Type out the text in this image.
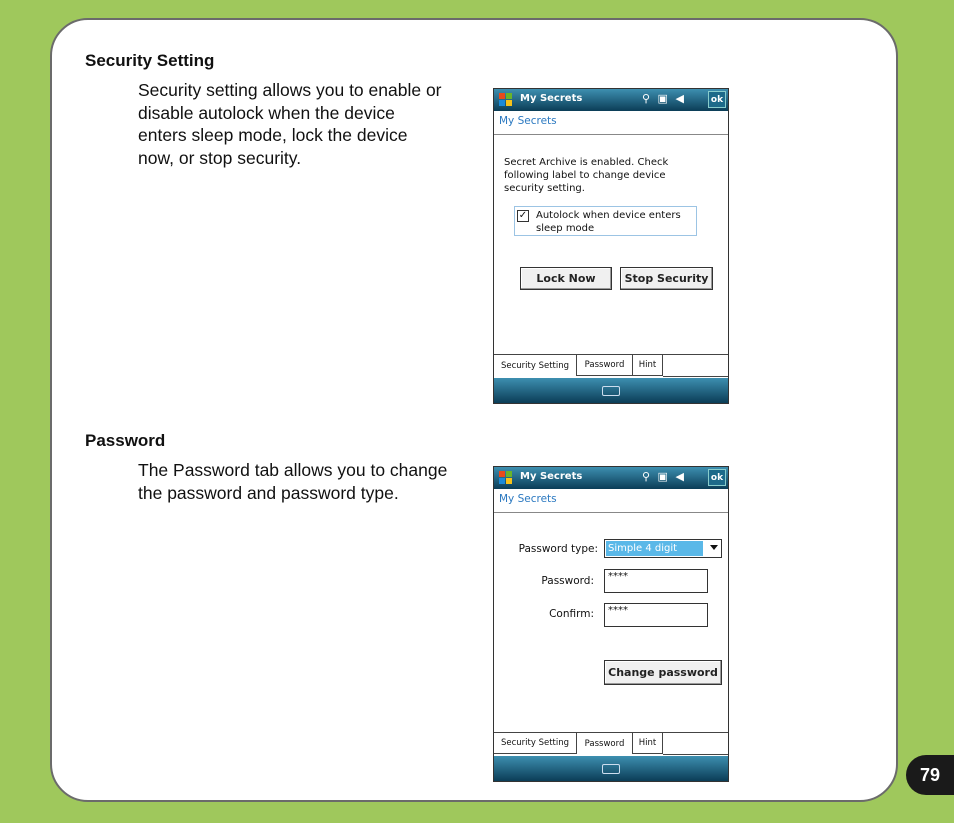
Security Setting
Security setting allows you to enable or disable autolock when the device enters sleep mode, lock the device now, or stop security.
My Secrets	⚲ ▣ ◀	ok
My Secrets
Secret Archive is enabled. Check following label to change device security setting.
✓ Autolock when device enters sleep mode
Lock Now	Stop Security
Security Setting	Password	Hint
Password
The Password tab allows you to change the password and password type.
My Secrets	⚲ ▣ ◀	ok
My Secrets
Password type: Simple 4 digit
Password:	****
Confirm:	****
Change password
Security Setting	Password	Hint
79
